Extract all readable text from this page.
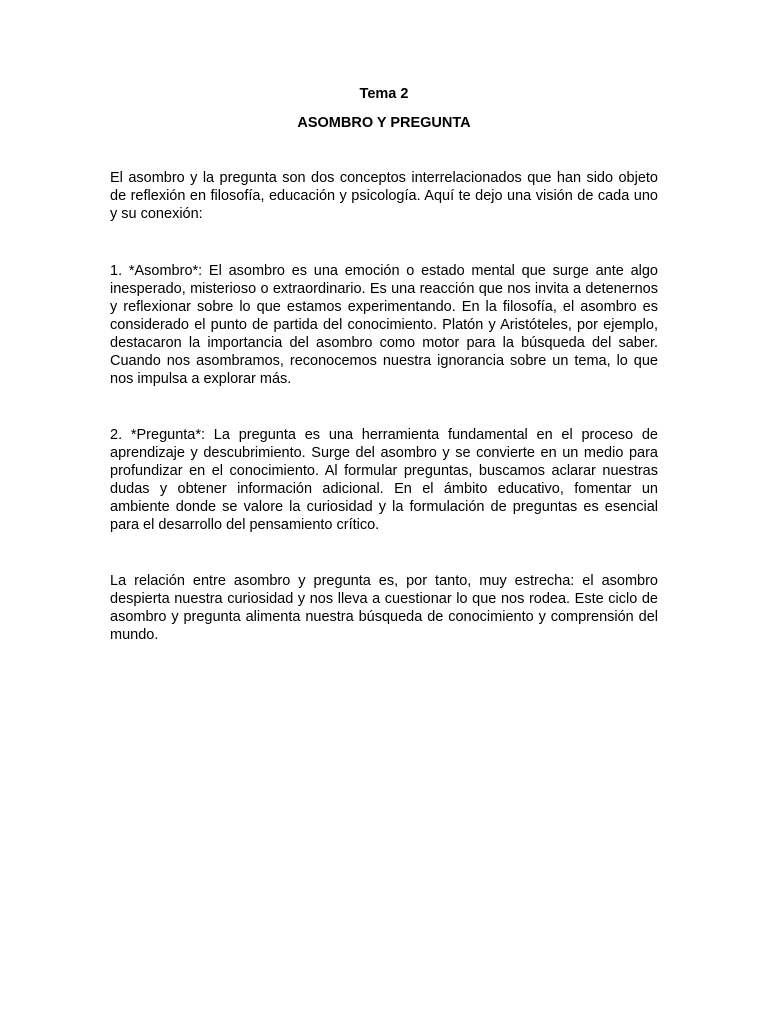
Tema 2
ASOMBRO Y PREGUNTA

El asombro y la pregunta son dos conceptos interrelacionados que han sido objeto de reflexión en filosofía, educación y psicología. Aquí te dejo una visión de cada uno y su conexión:

1. *Asombro*: El asombro es una emoción o estado mental que surge ante algo inesperado, misterioso o extraordinario. Es una reacción que nos invita a detenernos y reflexionar sobre lo que estamos experimentando. En la filosofía, el asombro es considerado el punto de partida del conocimiento. Platón y Aristóteles, por ejemplo, destacaron la importancia del asombro como motor para la búsqueda del saber. Cuando nos asombramos, reconocemos nuestra ignorancia sobre un tema, lo que nos impulsa a explorar más.

2. *Pregunta*: La pregunta es una herramienta fundamental en el proceso de aprendizaje y descubrimiento. Surge del asombro y se convierte en un medio para profundizar en el conocimiento. Al formular preguntas, buscamos aclarar nuestras dudas y obtener información adicional. En el ámbito educativo, fomentar un ambiente donde se valore la curiosidad y la formulación de preguntas es esencial para el desarrollo del pensamiento crítico.

La relación entre asombro y pregunta es, por tanto, muy estrecha: el asombro despierta nuestra curiosidad y nos lleva a cuestionar lo que nos rodea. Este ciclo de asombro y pregunta alimenta nuestra búsqueda de conocimiento y comprensión del mundo.
